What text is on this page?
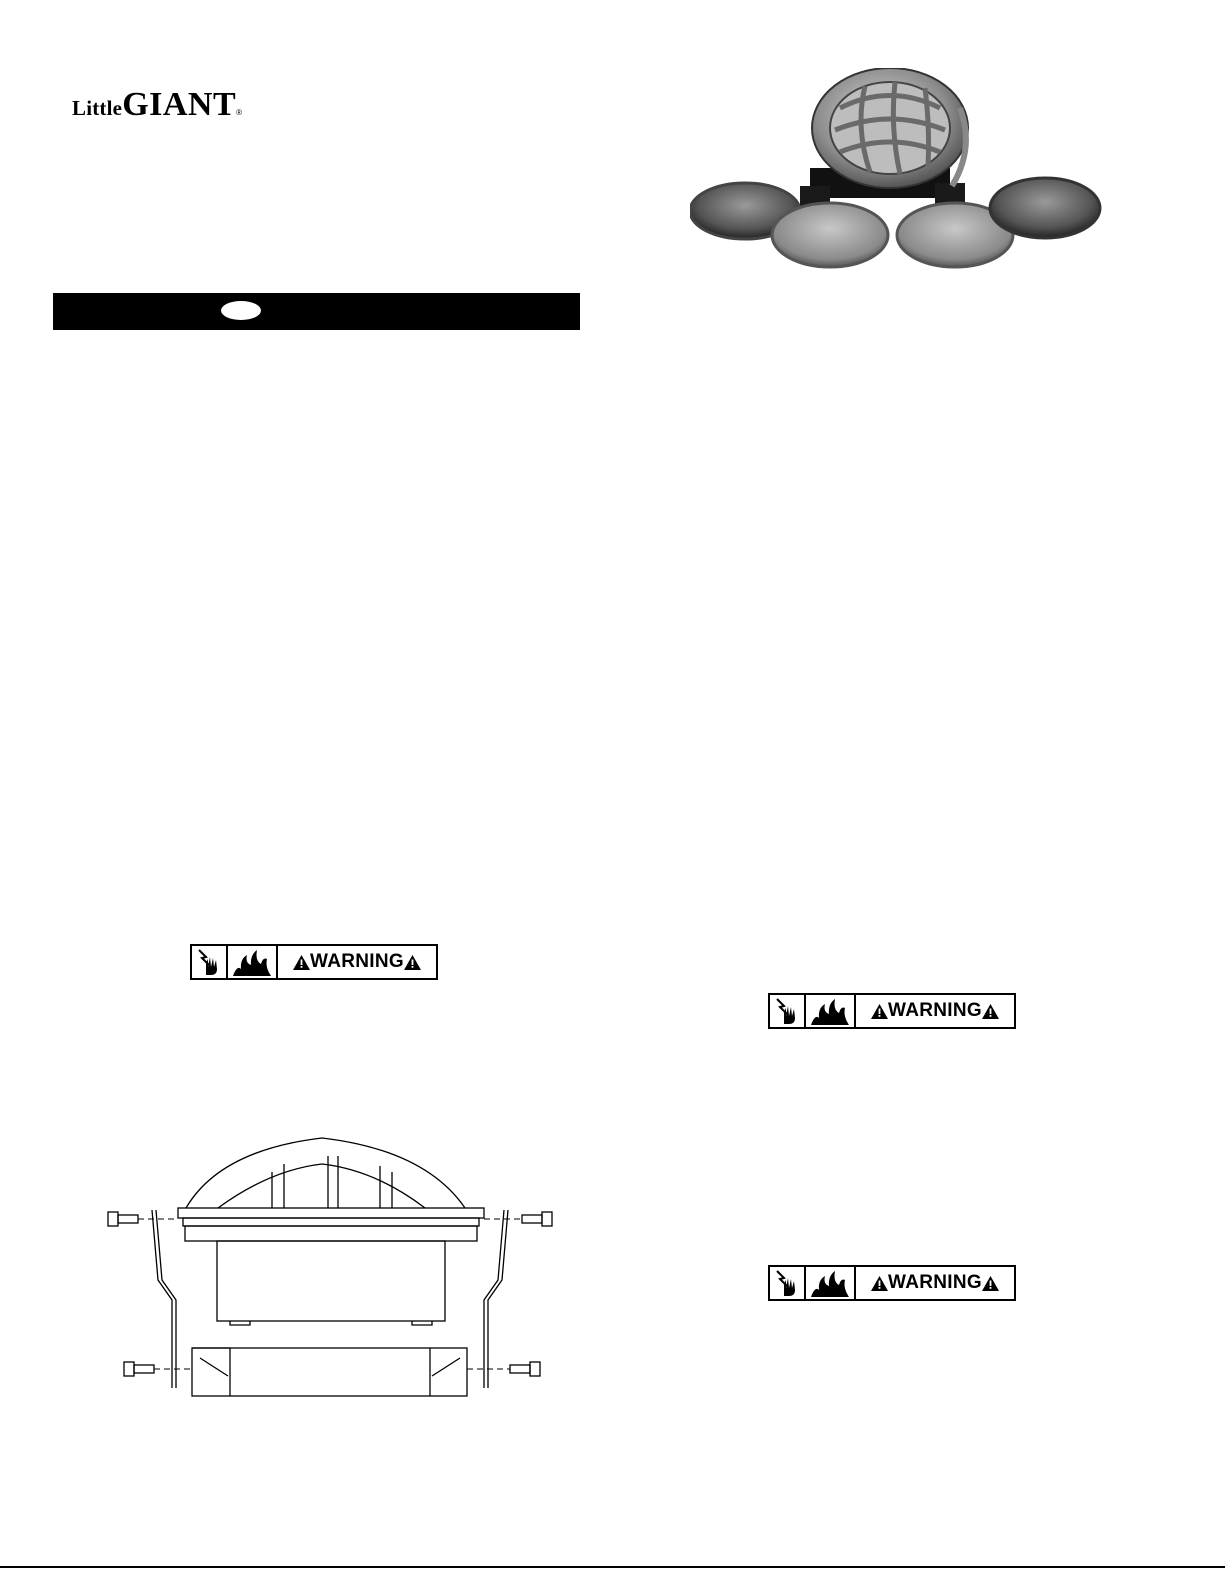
LittleGIANT®
WARNING
WARNING
WARNING
